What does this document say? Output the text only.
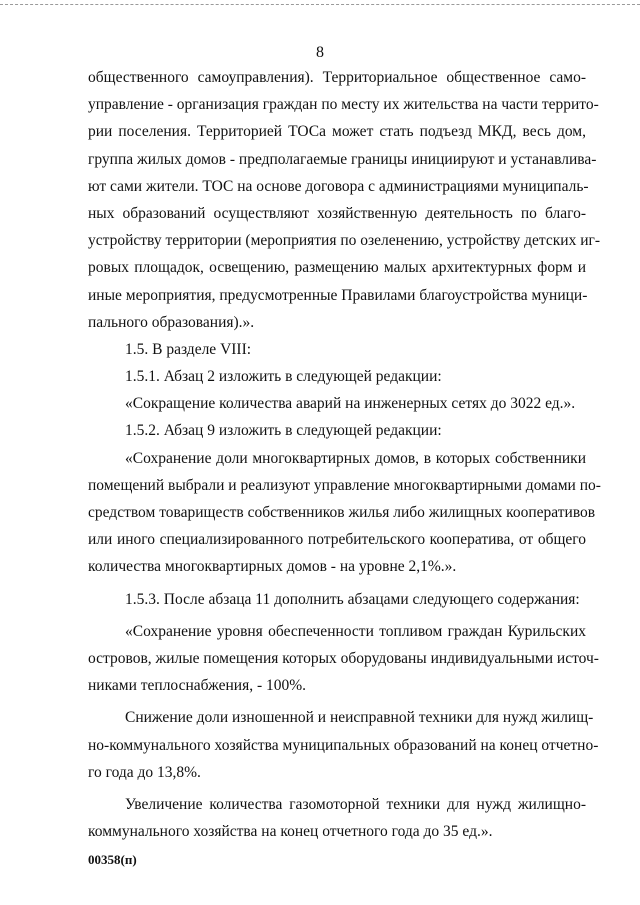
8
общественного самоуправления). Территориальное общественное само-
управление - организация граждан по месту их жительства на части террито-
рии поселения. Территорией ТОСа может стать подъезд МКД, весь дом,
группа жилых домов - предполагаемые границы инициируют и устанавлива-
ют сами жители. ТОС на основе договора с администрациями муниципаль-
ных образований осуществляют хозяйственную деятельность по благо-
устройству территории (мероприятия по озеленению, устройству детских иг-
ровых площадок, освещению, размещению малых архитектурных форм и
иные мероприятия, предусмотренные Правилами благоустройства муници-
пального образования).».
1.5. В разделе VIII:
1.5.1. Абзац 2 изложить в следующей редакции:
«Сокращение количества аварий на инженерных сетях до 3022 ед.».
1.5.2. Абзац 9 изложить в следующей редакции:
«Сохранение доли многоквартирных домов, в которых собственники
помещений выбрали и реализуют управление многоквартирными домами по-
средством товариществ собственников жилья либо жилищных кооперативов
или иного специализированного потребительского кооператива, от общего
количества многоквартирных домов - на уровне 2,1%.».
1.5.3. После абзаца 11 дополнить абзацами следующего содержания:
«Сохранение уровня обеспеченности топливом граждан Курильских
островов, жилые помещения которых оборудованы индивидуальными источ-
никами теплоснабжения, - 100%.
Снижение доли изношенной и неисправной техники для нужд жилищ-
но-коммунального хозяйства муниципальных образований на конец отчетно-
го года до 13,8%.
Увеличение количества газомоторной техники для нужд жилищно-
коммунального хозяйства на конец отчетного года до 35 ед.».
00358(п)
